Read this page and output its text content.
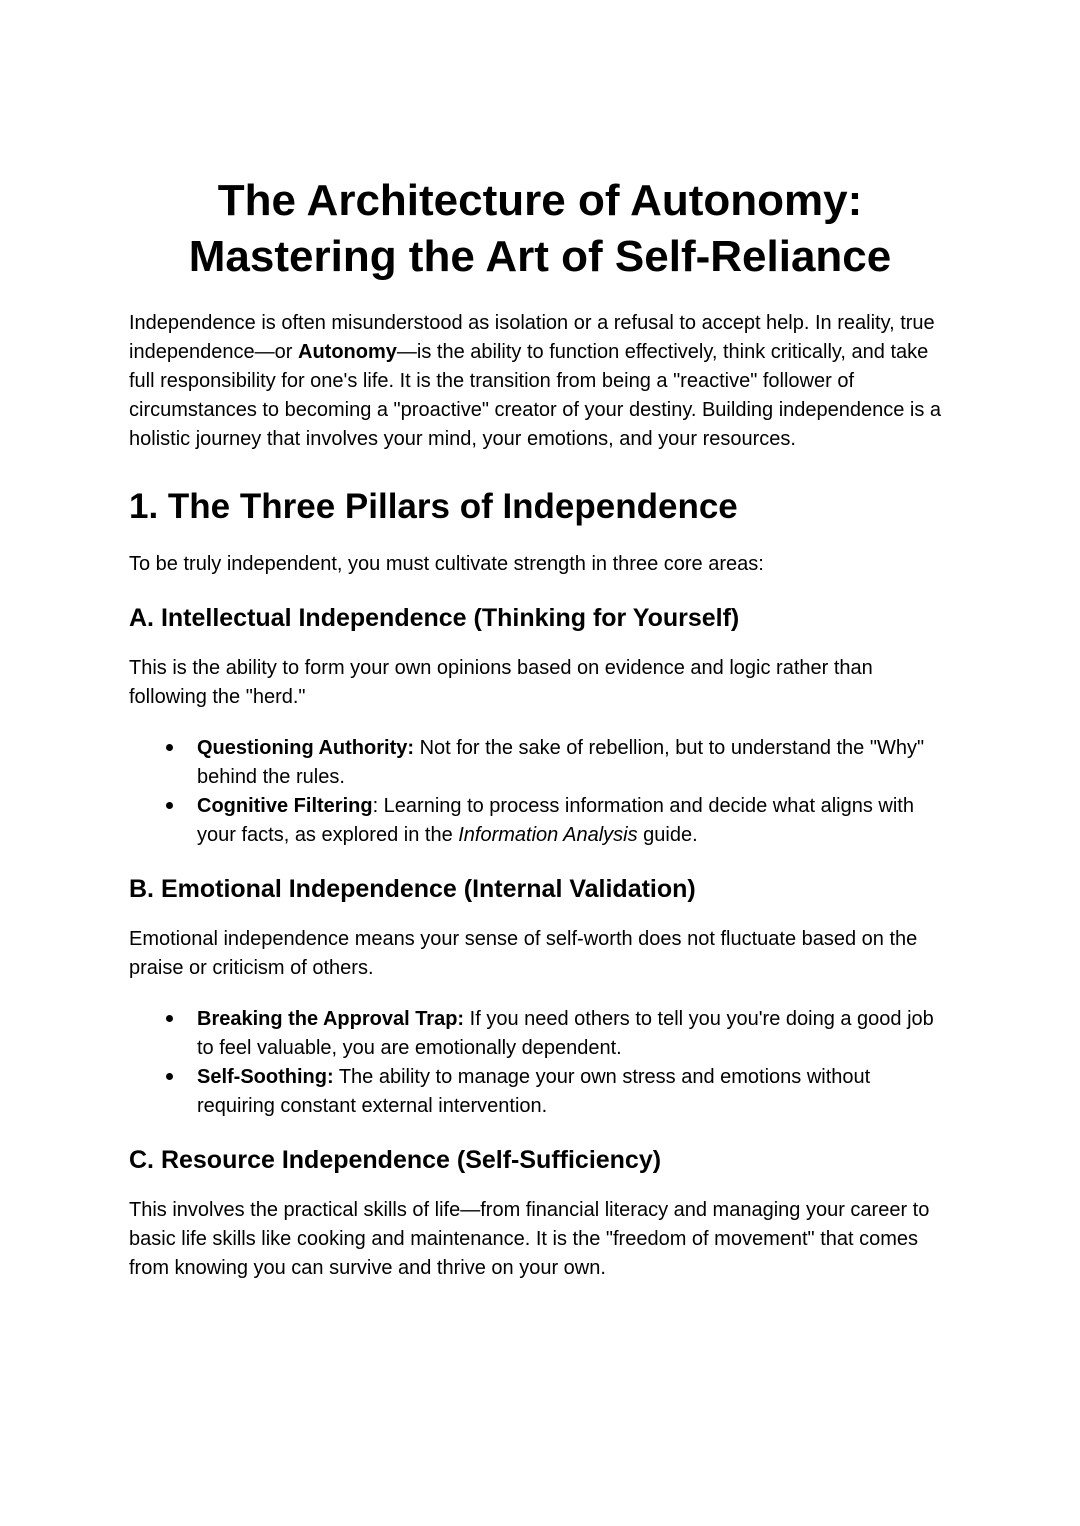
The Architecture of Autonomy:
Mastering the Art of Self-Reliance

Independence is often misunderstood as isolation or a refusal to accept help. In reality, true independence—or Autonomy—is the ability to function effectively, think critically, and take full responsibility for one's life. It is the transition from being a "reactive" follower of circumstances to becoming a "proactive" creator of your destiny. Building independence is a holistic journey that involves your mind, your emotions, and your resources.

1. The Three Pillars of Independence

To be truly independent, you must cultivate strength in three core areas:

A. Intellectual Independence (Thinking for Yourself)

This is the ability to form your own opinions based on evidence and logic rather than following the "herd."

Questioning Authority: Not for the sake of rebellion, but to understand the "Why" behind the rules.
Cognitive Filtering: Learning to process information and decide what aligns with your facts, as explored in the Information Analysis guide.
B. Emotional Independence (Internal Validation)

Emotional independence means your sense of self-worth does not fluctuate based on the praise or criticism of others.

Breaking the Approval Trap: If you need others to tell you you're doing a good job to feel valuable, you are emotionally dependent.
Self-Soothing: The ability to manage your own stress and emotions without requiring constant external intervention.
C. Resource Independence (Self-Sufficiency)

This involves the practical skills of life—from financial literacy and managing your career to basic life skills like cooking and maintenance. It is the "freedom of movement" that comes from knowing you can survive and thrive on your own.
